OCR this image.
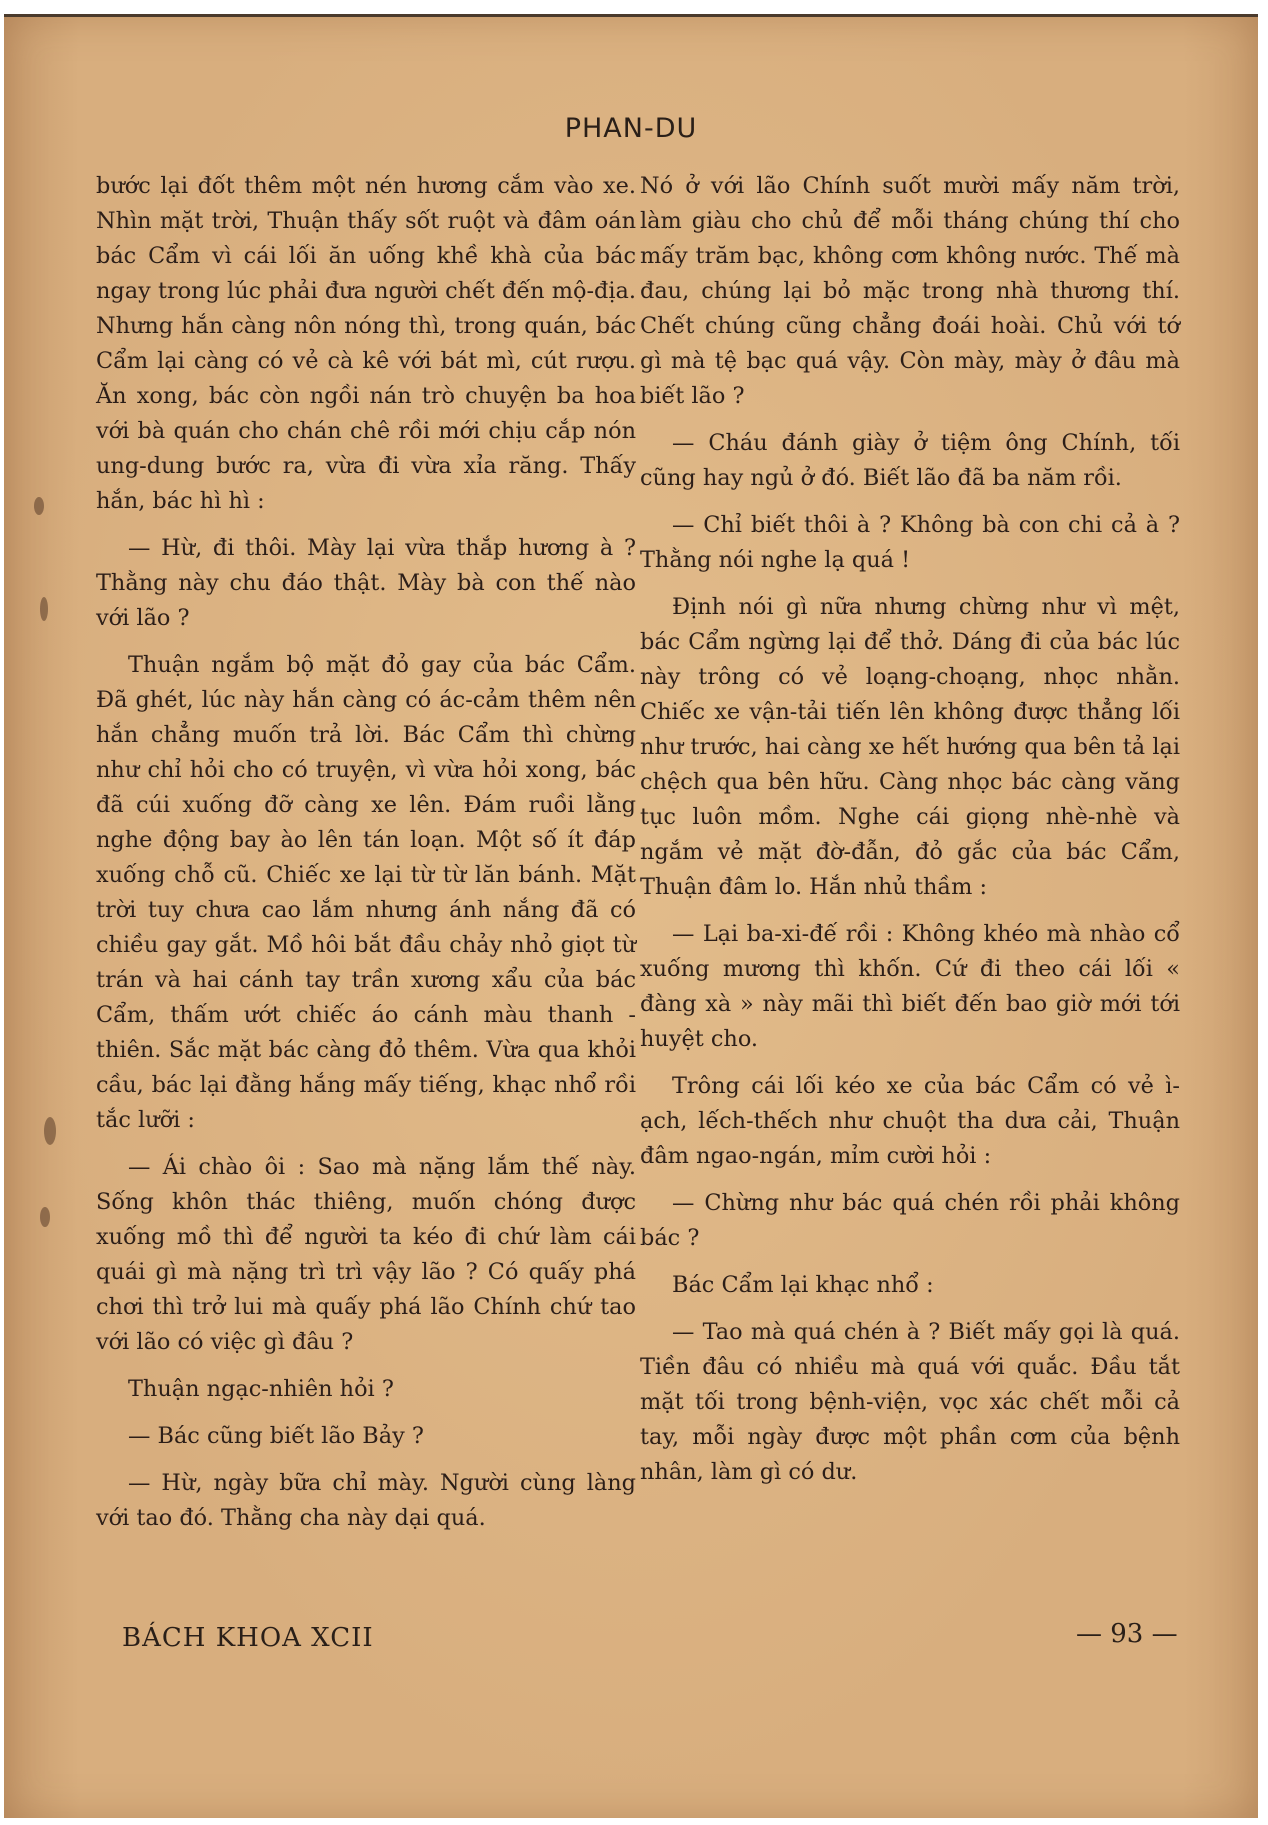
PHAN-DU

bước lại đốt thêm một nén hương cắm vào xe. Nhìn mặt trời, Thuận thấy sốt ruột và đâm oán bác Cẩm vì cái lối ăn uống khề khà của bác ngay trong lúc phải đưa người chết đến mộ-địa. Nhưng hắn càng nôn nóng thì, trong quán, bác Cẩm lại càng có vẻ cà kê với bát mì, cút rượu. Ăn xong, bác còn ngồi nán trò chuyện ba hoa với bà quán cho chán chê rồi mới chịu cắp nón ung-dung bước ra, vừa đi vừa xỉa răng. Thấy hắn, bác hì hì :

— Hừ, đi thôi. Mày lại vừa thắp hương à ? Thằng này chu đáo thật. Mày bà con thế nào với lão ?

Thuận ngắm bộ mặt đỏ gay của bác Cẩm. Đã ghét, lúc này hắn càng có ác-cảm thêm nên hắn chẳng muốn trả lời. Bác Cẩm thì chừng như chỉ hỏi cho có truyện, vì vừa hỏi xong, bác đã cúi xuống đỡ càng xe lên. Đám ruồi lằng nghe động bay ào lên tán loạn. Một số ít đáp xuống chỗ cũ. Chiếc xe lại từ từ lăn bánh. Mặt trời tuy chưa cao lắm nhưng ánh nắng đã có chiều gay gắt. Mồ hôi bắt đầu chảy nhỏ giọt từ trán và hai cánh tay trần xương xẩu của bác Cẩm, thấm ướt chiếc áo cánh màu thanh - thiên. Sắc mặt bác càng đỏ thêm. Vừa qua khỏi cầu, bác lại đằng hắng mấy tiếng, khạc nhổ rồi tắc lưỡi :

— Ái chào ôi : Sao mà nặng lắm thế này. Sống khôn thác thiêng, muốn chóng được xuống mồ thì để người ta kéo đi chứ làm cái quái gì mà nặng trì trì vậy lão ? Có quấy phá chơi thì trở lui mà quấy phá lão Chính chứ tao với lão có việc gì đâu ?

Thuận ngạc-nhiên hỏi ?

— Bác cũng biết lão Bảy ?

— Hừ, ngày bữa chỉ mày. Người cùng làng với tao đó. Thằng cha này dại quá.

Nó ở với lão Chính suốt mười mấy năm trời, làm giàu cho chủ để mỗi tháng chúng thí cho mấy trăm bạc, không cơm không nước. Thế mà đau, chúng lại bỏ mặc trong nhà thương thí. Chết chúng cũng chẳng đoái hoài. Chủ với tớ gì mà tệ bạc quá vậy. Còn mày, mày ở đâu mà biết lão ?

— Cháu đánh giày ở tiệm ông Chính, tối cũng hay ngủ ở đó. Biết lão đã ba năm rồi.

— Chỉ biết thôi à ? Không bà con chi cả à ? Thằng nói nghe lạ quá !

Định nói gì nữa nhưng chừng như vì mệt, bác Cẩm ngừng lại để thở. Dáng đi của bác lúc này trông có vẻ loạng-choạng, nhọc nhằn. Chiếc xe vận-tải tiến lên không được thẳng lối như trước, hai càng xe hết hướng qua bên tả lại chệch qua bên hữu. Càng nhọc bác càng văng tục luôn mồm. Nghe cái giọng nhè-nhè và ngắm vẻ mặt đờ-đẫn, đỏ gắc của bác Cẩm, Thuận đâm lo. Hắn nhủ thầm :

— Lại ba-xi-đế rồi : Không khéo mà nhào cổ xuống mương thì khốn. Cứ đi theo cái lối « đàng xà » này mãi thì biết đến bao giờ mới tới huyệt cho.

Trông cái lối kéo xe của bác Cẩm có vẻ ì-ạch, lếch-thếch như chuột tha dưa cải, Thuận đâm ngao-ngán, mỉm cười hỏi :

— Chừng như bác quá chén rồi phải không bác ?

Bác Cẩm lại khạc nhổ :

— Tao mà quá chén à ? Biết mấy gọi là quá. Tiền đâu có nhiều mà quá với quắc. Đầu tắt mặt tối trong bệnh-viện, vọc xác chết mỗi cả tay, mỗi ngày được một phần cơm của bệnh nhân, làm gì có dư.

BÁCH KHOA XCII	— 93 —
